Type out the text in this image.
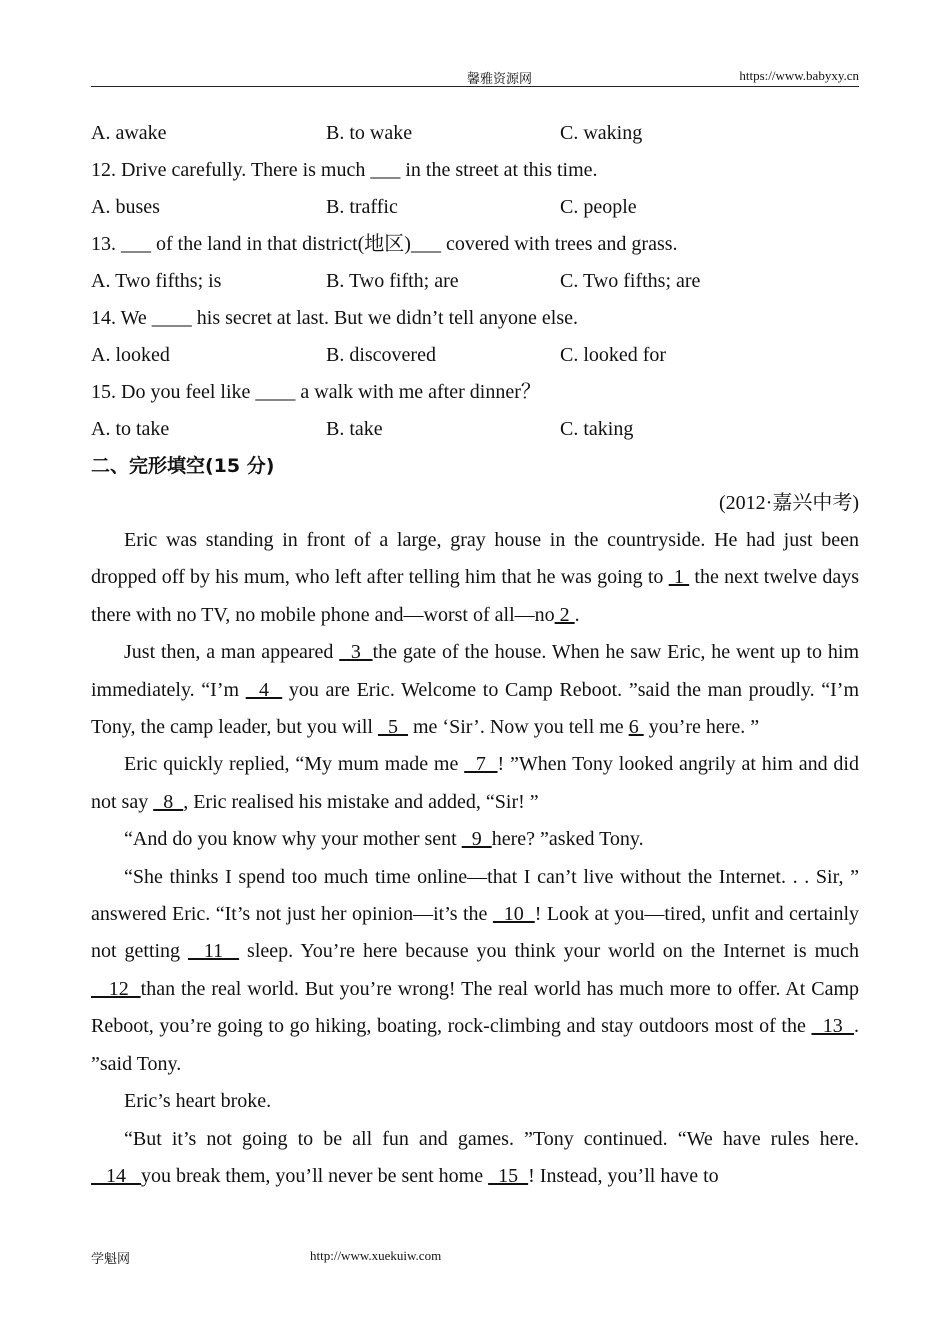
馨雅资源网	https://www.babyxy.cn
A. awake	B. to wake	C. waking
12. Drive carefully. There is much ___ in the street at this time.
A. buses	B. traffic	C. people
13. ___ of the land in that district(地区)___ covered with trees and grass.
A. Two fifths; is	B. Two fifth; are	C. Two fifths; are
14. We ____ his secret at last. But we didn’t tell anyone else.
A. looked	B. discovered	C. looked for
15. Do you feel like ____ a walk with me after dinner？
A. to take	B. take	C. taking
二、完形填空(15 分)
(2012·嘉兴中考)
Eric was standing in front of a large, gray house in the countryside. He had just been dropped off by his mum, who left after telling him that he was going to  1  the next twelve days there with no TV, no mobile phone and—worst of all—no 2 .
Just then, a man appeared   3  the gate of the house. When he saw Eric, he went up to him immediately. “I’m   4   you are Eric. Welcome to Camp Reboot. ”said the man proudly. “I’m Tony, the camp leader, but you will   5   me ‘Sir’. Now you tell me 6  you’re here. ”
Eric quickly replied, “My mum made me   7  ! ”When Tony looked angrily at him and did not say   8  , Eric realised his mistake and added, “Sir! ”
“And do you know why your mother sent   9  here? ”asked Tony.
“She thinks I spend too much time online—that I can’t live without the Internet. . . Sir, ” answered Eric. “It’s not just her opinion—it’s the   10  ! Look at you—tired, unfit and certainly not getting   11   sleep. You’re here because you think your world on the Internet is much    12  than the real world. But you’re wrong! The real world has much more to offer. At Camp Reboot, you’re going to go hiking, boating, rock-climbing and stay outdoors most of the   13  . ”said Tony.
Eric’s heart broke.
“But it’s not going to be all fun and games. ”Tony continued. “We have rules here.   14   you break them, you’ll never be sent home   15  ! Instead, you’ll have to
学魁网	http://www.xuekuiw.com
